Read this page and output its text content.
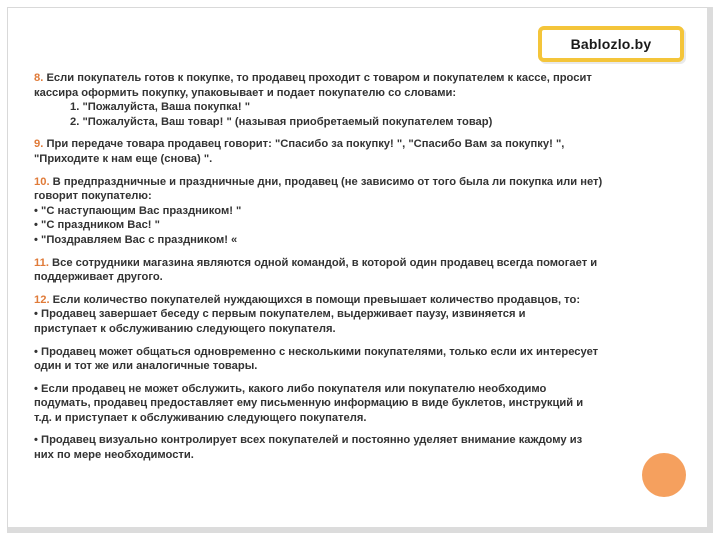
Bablozlo.by

8. Если покупатель готов к покупке, то продавец проходит с товаром и покупателем к кассе, просит

кассира оформить покупку, упаковывает и подает покупателю со словами:

1. "Пожалуйста, Ваша покупка! "

2. "Пожалуйста, Ваш товар! " (называя приобретаемый покупателем товар)

9. При передаче товара продавец говорит: "Спасибо за покупку! ", "Спасибо Вам за покупку! ",

"Приходите к нам еще (снова) ".

10. В предпраздничные и праздничные дни, продавец (не зависимо от того была ли покупка или нет)

говорит покупателю:

• "С наступающим Вас праздником! "

• "С праздником Вас! "

• "Поздравляем Вас с праздником! «

11. Все сотрудники магазина являются одной командой, в которой один продавец всегда помогает и

поддерживает другого.

12. Если количество покупателей нуждающихся в помощи превышает количество продавцов, то:

• Продавец завершает беседу с первым покупателем, выдерживает паузу, извиняется и

приступает к обслуживанию следующего покупателя.

• Продавец может общаться одновременно с несколькими покупателями, только если их интересует

один и тот же или аналогичные товары.

• Если продавец не может обслужить, какого либо покупателя или покупателю необходимо

подумать, продавец предоставляет ему письменную информацию в виде буклетов, инструкций и

т.д. и приступает к обслуживанию следующего покупателя.

• Продавец визуально контролирует всех покупателей и постоянно уделяет внимание каждому из

них по мере необходимости.
